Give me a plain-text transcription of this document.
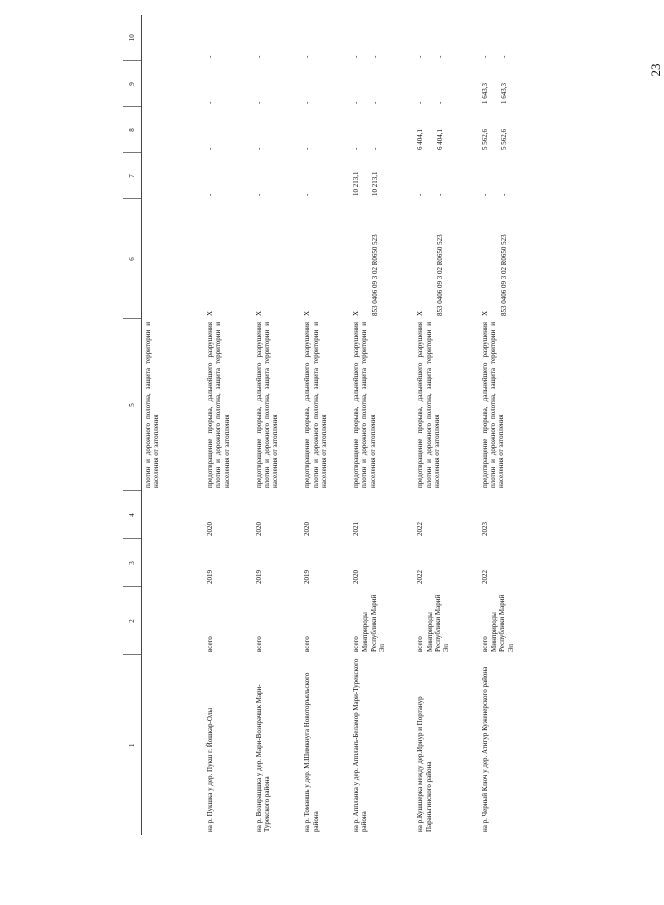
23
1	2	3	4	5	6	7	8	9	10
				плотин и дорожного полотна, защита территории и населения от затопления					
на р. Пукшка у дер. Пукш г. Йошкар-Олы	всего	2019	2020	предотвращение прорыва, дальнейшего разрушения плотин и дорожного полотна, защита территории и населения от затопления	Х	-	-	-	-

на р. Вознращшка у дер. Мари-Вознрачшк Мари-Турекского района	всего	2019	2020	предотвращение прорыва, дальнейшего разрушения плотин и дорожного полотна, защита территории и населения от затопления	Х	-	-	-	-

на р. Томаншь у дер. М.Шимкнуга Новоторъяльского района	всего	2019	2020	предотвращение прорыва, дальнейшего разрушения плотин и дорожного полотна, защита территории и населения от затопления	Х	-	-	-	-

на р. Аппланка у дер. Аппланъ-Беламор Мари-Турекского района	всего Минприроды Республики Марий Эл	2020	2021	предотвращение прорыва, дальнейшего разрушения плотин и дорожного полотна, защита территории и населения от затопления	Х 853 0406 09 3 02 R0650 523	10 213,1 10 213,1	- -	- -	- -

на р.Кушшерка между дер.Ирнур и Портанур Параньгинского района	всего Минприроды Республики Марий Эл	2022	2022	предотвращение прорыва, дальнейшего разрушения плотин и дорожного полотна, защита территории и населения от затопления	Х 853 0406 09 3 02 R0650 523	- -	6 404,1 6 404,1	- -	- -

на р. Черный Ключ у дер. Атигур Куженерского района	всего Минприроды Республики Марий Эл	2022	2023	предотвращение прорыва, дальнейшего разрушения плотин и дорожного полотна, защита территории и населения от затопления	Х 853 0406 09 3 02 R0650 523	- -	5 562,6 5 562,6	1 643,3 1 643,3	- -
